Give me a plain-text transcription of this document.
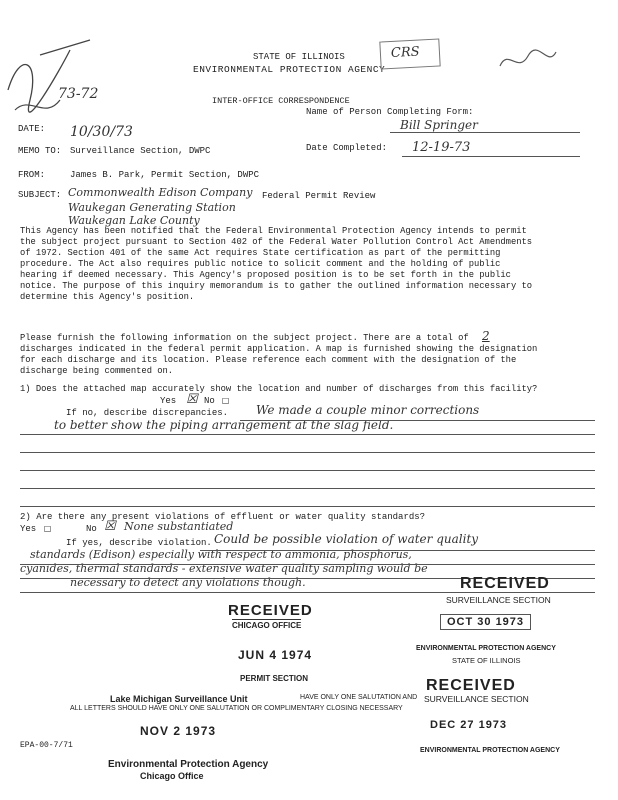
STATE OF ILLINOIS
ENVIRONMENTAL PROTECTION AGENCY
INTER-OFFICE CORRESPONDENCE
CRS
73-72
Name of Person Completing Form:
Bill Springer
DATE: 10/30/73
MEMO TO: Surveillance Section, DWPC	Date Completed: 12-19-73
FROM:	James B. Park, Permit Section, DWPC
SUBJECT: Commonwealth Edison Company Federal Permit Review
Waukegan Generating Station
Waukegan Lake County
This Agency has been notified that the Federal Environmental Protection Agency intends to permit the subject project pursuant to Section 402 of the Federal Water Pollution Control Act Amendments of 1972. Section 401 of the same Act requires State certification as part of the permitting procedure. The Act also requires public notice to solicit comment and the holding of public hearing if deemed necessary. This Agency's proposed position is to be set forth in the public notice. The purpose of this inquiry memorandum is to gather the outlined information necessary to determine this Agency's position.
Please furnish the following information on the subject project. There are a total of 2 discharges indicated in the federal permit application. A map is furnished showing the designation for each discharge and its location. Please reference each comment with the designation of the discharge being commented on.
1) Does the attached map accurately show the location and number of discharges from this facility?
Yes ☒ No ☐
If no, describe discrepancies. We made a couple minor corrections
to better show the piping arrangement at the slag field.
2) Are there any present violations of effluent or water quality standards?
Yes ☐	No ☒ None substantiated
If yes, describe violation. Could be possible violation of water quality
standards (Edison) especially with respect to ammonia, phosphorus,
cyanides, thermal standards - extensive water quality sampling would be
necessary to detect any violations though.
RECEIVED
CHICAGO OFFICE
RECEIVED
SURVEILLANCE SECTION
OCT 30 1973
JUN 4 1974	ENVIRONMENTAL PROTECTION AGENCY
STATE OF ILLINOIS
PERMIT SECTION	RECEIVED
SURVEILLANCE SECTION
DEC 27 1973
HAVE ONLY ONE SALUTATION AND
Lake Michigan Surveillance Unit
ALL LETTERS SHOULD HAVE ONLY ONE SALUTATION OR COMPLIMENTARY CLOSING NECESSARY
NOV 2 1973
ENVIRONMENTAL PROTECTION AGENCY
Environmental Protection Agency
Chicago Office
EPA-00-7/71
